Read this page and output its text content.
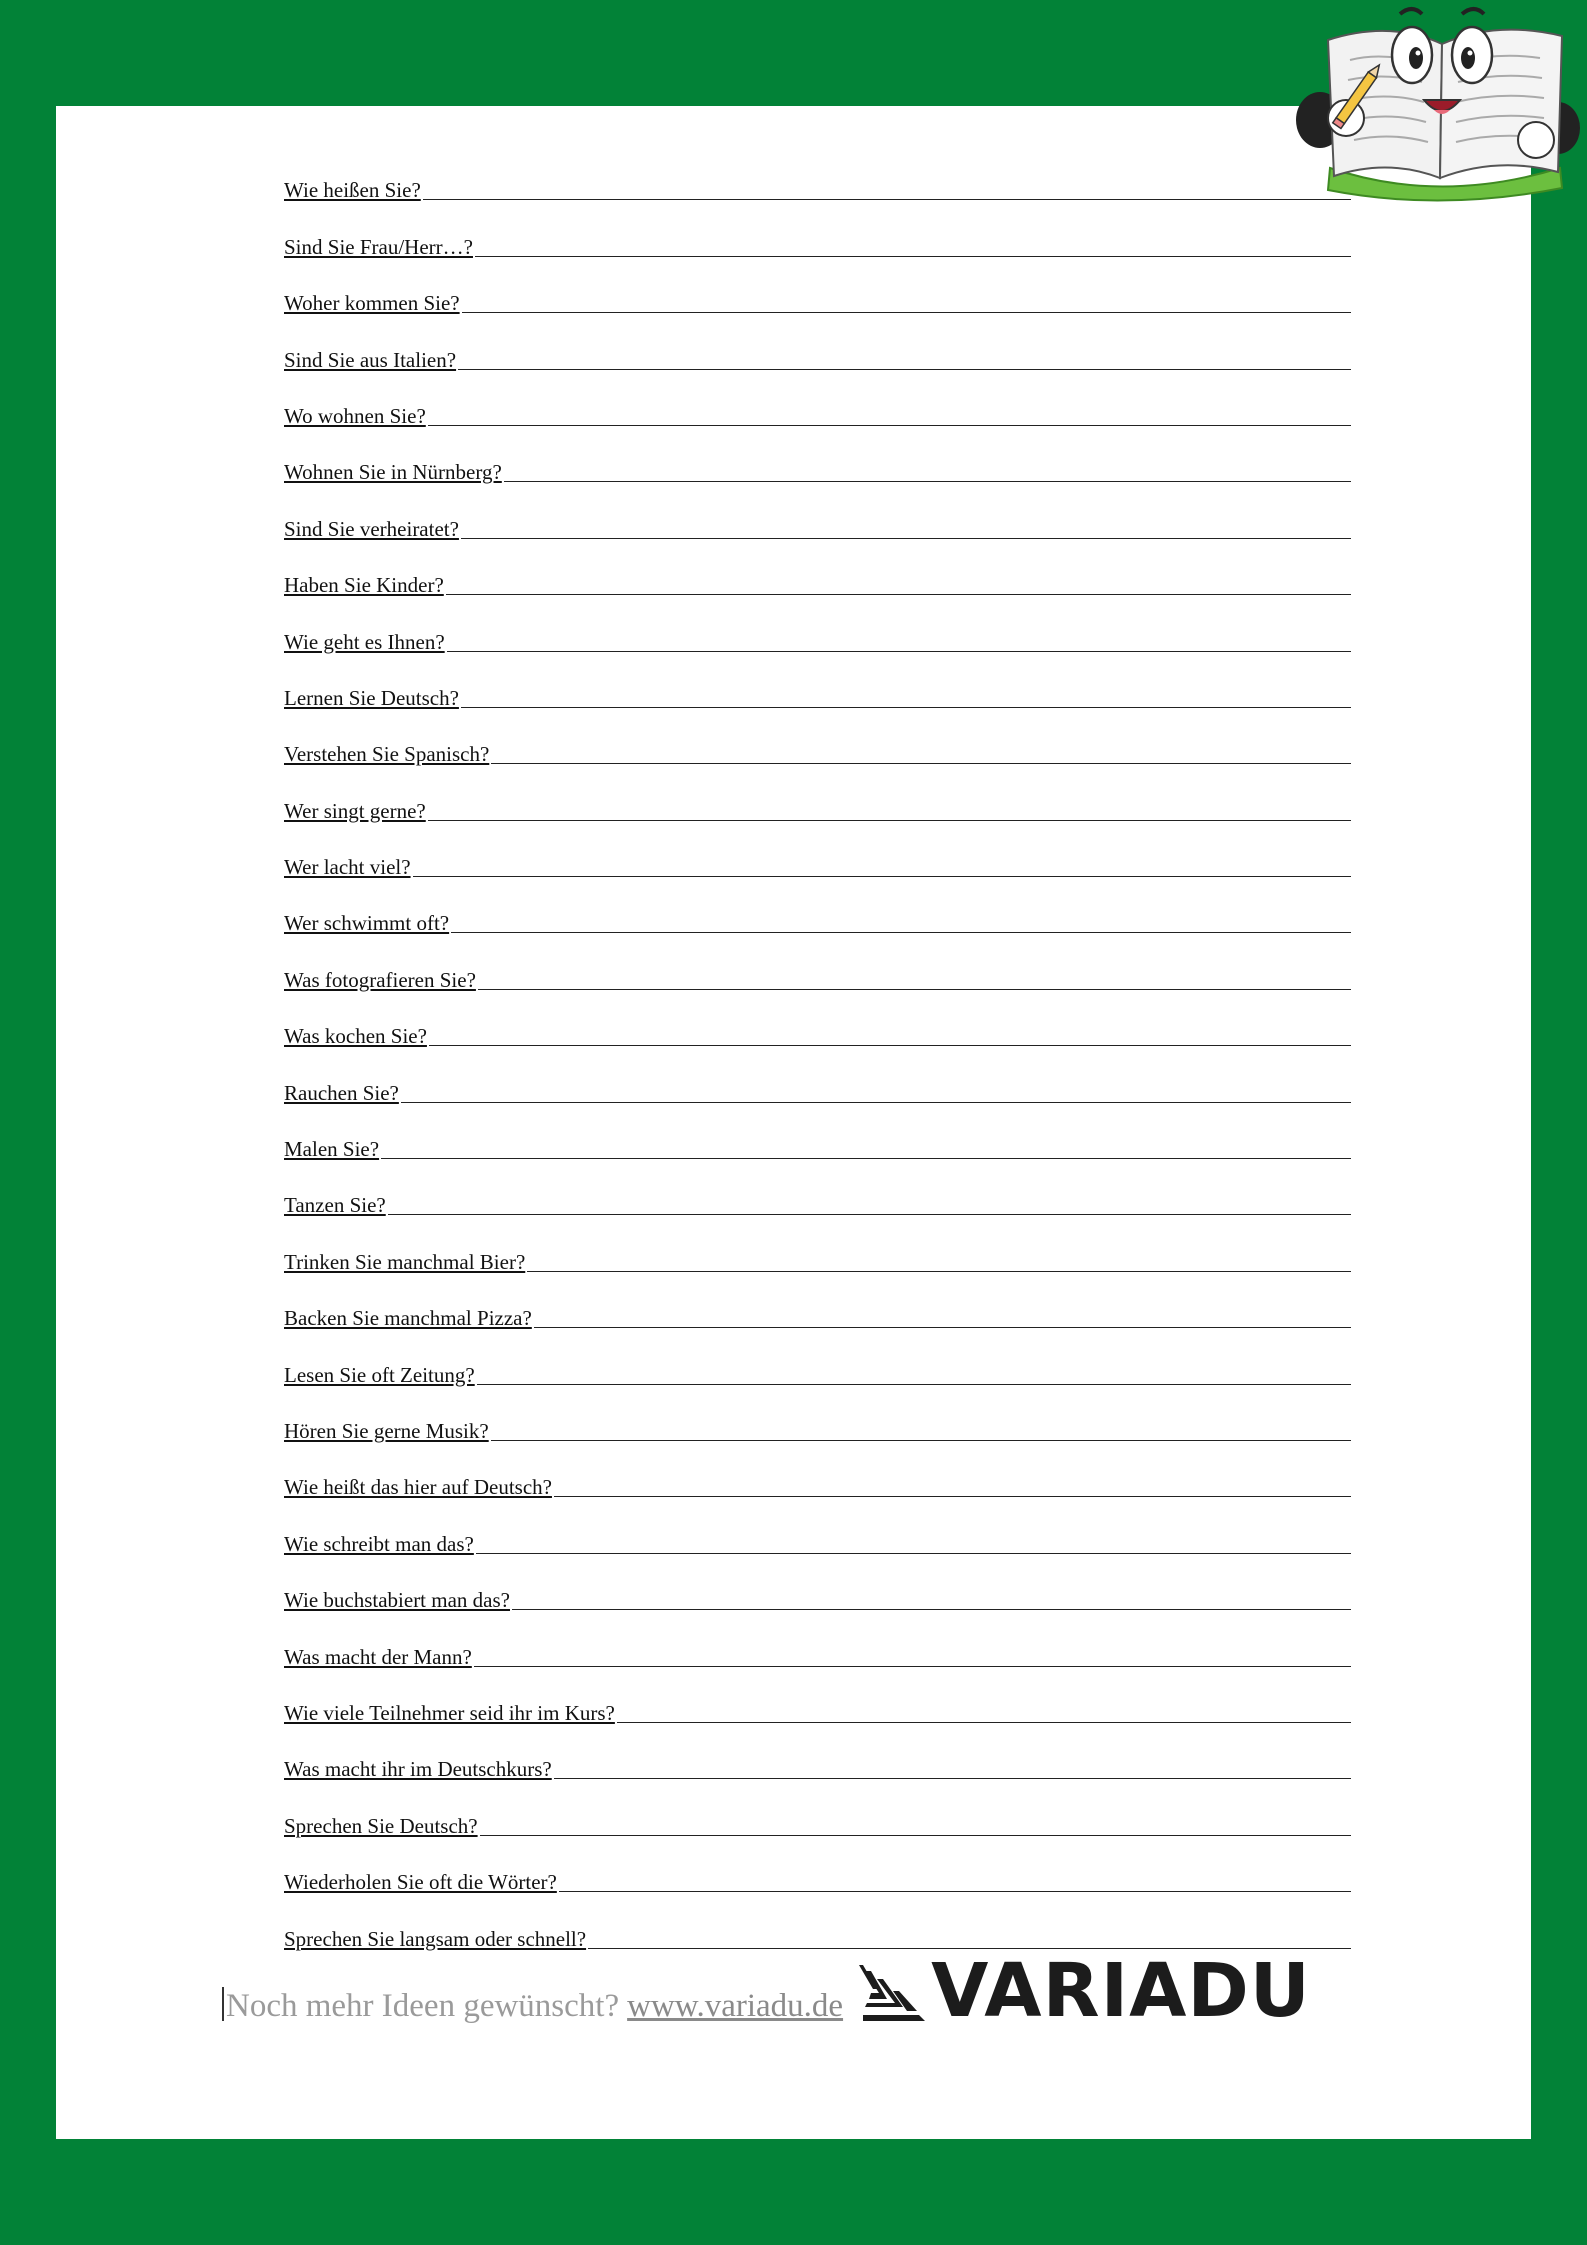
Wie heißen Sie?
Sind Sie Frau/Herr…?
Woher kommen Sie?
Sind Sie aus Italien?
Wo wohnen Sie?
Wohnen Sie in Nürnberg?
Sind Sie verheiratet?
Haben Sie Kinder?
Wie geht es Ihnen?
Lernen Sie Deutsch?
Verstehen Sie Spanisch?
Wer singt gerne?
Wer lacht viel?
Wer schwimmt oft?
Was fotografieren Sie?
Was kochen Sie?
Rauchen Sie?
Malen Sie?
Tanzen Sie?
Trinken Sie manchmal Bier?
Backen Sie manchmal Pizza?
Lesen Sie oft Zeitung?
Hören Sie gerne Musik?
Wie heißt das hier auf Deutsch?
Wie schreibt man das?
Wie buchstabiert man das?
Was macht der Mann?
Wie viele Teilnehmer seid ihr im Kurs?
Was macht ihr im Deutschkurs?
Sprechen Sie Deutsch?
Wiederholen Sie oft die Wörter?
Sprechen Sie langsam oder schnell?
Noch mehr Ideen gewünscht? www.variadu.de VARIADU
